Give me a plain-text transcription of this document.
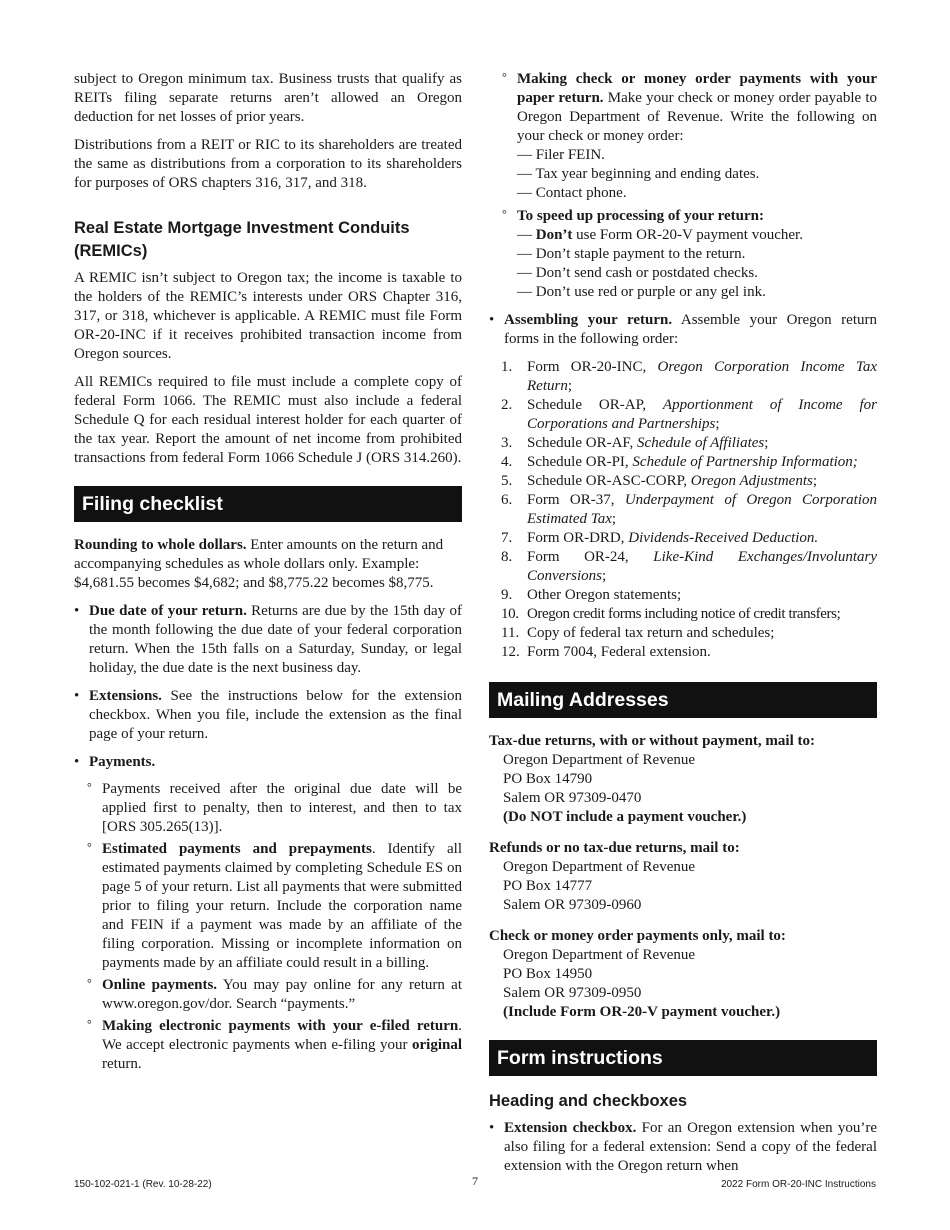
subject to Oregon minimum tax. Business trusts that qualify as REITs filing separate returns aren’t allowed an Oregon deduction for net losses of prior years.

Distributions from a REIT or RIC to its shareholders are treated the same as distributions from a corporation to its shareholders for purposes of ORS chapters 316, 317, and 318.

Real Estate Mortgage Investment Conduits (REMICs)

A REMIC isn’t subject to Oregon tax; the income is taxable to the holders of the REMIC’s interests under ORS Chapter 316, 317, or 318, whichever is applicable. A REMIC must file Form OR-20-INC if it receives prohibited transaction income from Oregon sources.

All REMICs required to file must include a complete copy of federal Form 1066. The REMIC must also include a federal Schedule Q for each residual interest holder for each quarter of the tax year. Report the amount of net income from prohibited transactions from federal Form 1066 Schedule J (ORS 314.260).

Filing checklist

Rounding to whole dollars. Enter amounts on the return and accompanying schedules as whole dollars only. Example: $4,681.55 becomes $4,682; and $8,775.22 becomes $8,775.

• Due date of your return. Returns are due by the 15th day of the month following the due date of your federal corporation return. When the 15th falls on a Saturday, Sunday, or legal holiday, the due date is the next business day.
• Extensions. See the instructions below for the extension checkbox. When you file, include the extension as the final page of your return.
• Payments.
° Payments received after the original due date will be applied first to penalty, then to interest, and then to tax [ORS 305.265(13)].
° Estimated payments and prepayments. Identify all estimated payments claimed by completing Schedule ES on page 5 of your return. List all payments that were submitted prior to filing your return. Include the corporation name and FEIN if a payment was made by an affiliate of the filing corporation. Missing or incomplete information on payments made by an affiliate could result in a billing.
° Online payments. You may pay online for any return at www.oregon.gov/dor. Search “payments.”
° Making electronic payments with your e-filed return. We accept electronic payments when e-filing your original return.
° Making check or money order payments with your paper return. Make your check or money order payable to Oregon Department of Revenue. Write the following on your check or money order:
— Filer FEIN.
— Tax year beginning and ending dates.
— Contact phone.
° To speed up processing of your return:
— Don’t use Form OR-20-V payment voucher.
— Don’t staple payment to the return.
— Don’t send cash or postdated checks.
— Don’t use red or purple or any gel ink.
• Assembling your return. Assemble your Oregon return forms in the following order:
1. Form OR-20-INC, Oregon Corporation Income Tax Return;
2. Schedule OR-AP, Apportionment of Income for Corporations and Partnerships;
3. Schedule OR-AF, Schedule of Affiliates;
4. Schedule OR-PI, Schedule of Partnership Information;
5. Schedule OR-ASC-CORP, Oregon Adjustments;
6. Form OR-37, Underpayment of Oregon Corporation Estimated Tax;
7. Form OR-DRD, Dividends-Received Deduction.
8. Form OR-24, Like-Kind Exchanges/Involuntary Conversions;
9. Other Oregon statements;
10. Oregon credit forms including notice of credit transfers;
11. Copy of federal tax return and schedules;
12. Form 7004, Federal extension.
Mailing Addresses
Tax-due returns, with or without payment, mail to:
Oregon Department of Revenue
PO Box 14790
Salem OR 97309-0470
(Do NOT include a payment voucher.)
Refunds or no tax-due returns, mail to:
Oregon Department of Revenue
PO Box 14777
Salem OR 97309-0960
Check or money order payments only, mail to:
Oregon Department of Revenue
PO Box 14950
Salem OR 97309-0950
(Include Form OR-20-V payment voucher.)
Form instructions
Heading and checkboxes
• Extension checkbox. For an Oregon extension when you’re also filing for a federal extension: Send a copy of the federal extension with the Oregon return when
150-102-021-1 (Rev. 10-28-22)	7	2022 Form OR-20-INC Instructions
